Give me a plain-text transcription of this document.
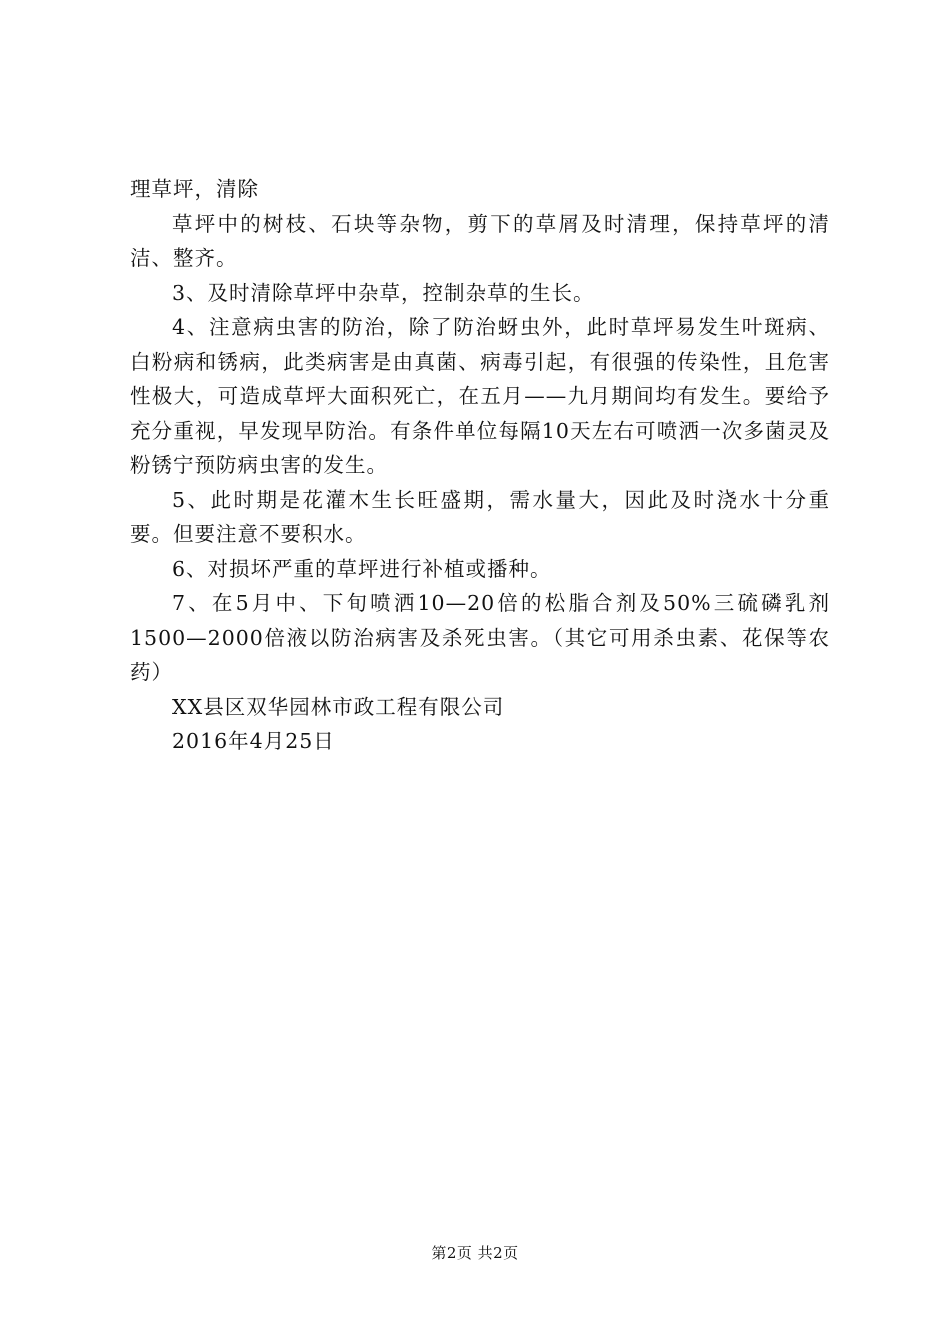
理草坪，清除

草坪中的树枝、石块等杂物，剪下的草屑及时清理，保持草坪的清洁、整齐。

3、及时清除草坪中杂草，控制杂草的生长。

4、注意病虫害的防治，除了防治蚜虫外，此时草坪易发生叶斑病、白粉病和锈病，此类病害是由真菌、病毒引起，有很强的传染性，且危害性极大，可造成草坪大面积死亡，在五月——九月期间均有发生。要给予充分重视，早发现早防治。有条件单位每隔10天左右可喷洒一次多菌灵及粉锈宁预防病虫害的发生。

5、此时期是花灌木生长旺盛期，需水量大，因此及时浇水十分重要。但要注意不要积水。

6、对损坏严重的草坪进行补植或播种。

7、在5月中、下旬喷洒10—20倍的松脂合剂及50%三硫磷乳剂1500—2000倍液以防治病害及杀死虫害。（其它可用杀虫素、花保等农药）

XX县区双华园林市政工程有限公司

2016年4月25日

第2页 共2页
